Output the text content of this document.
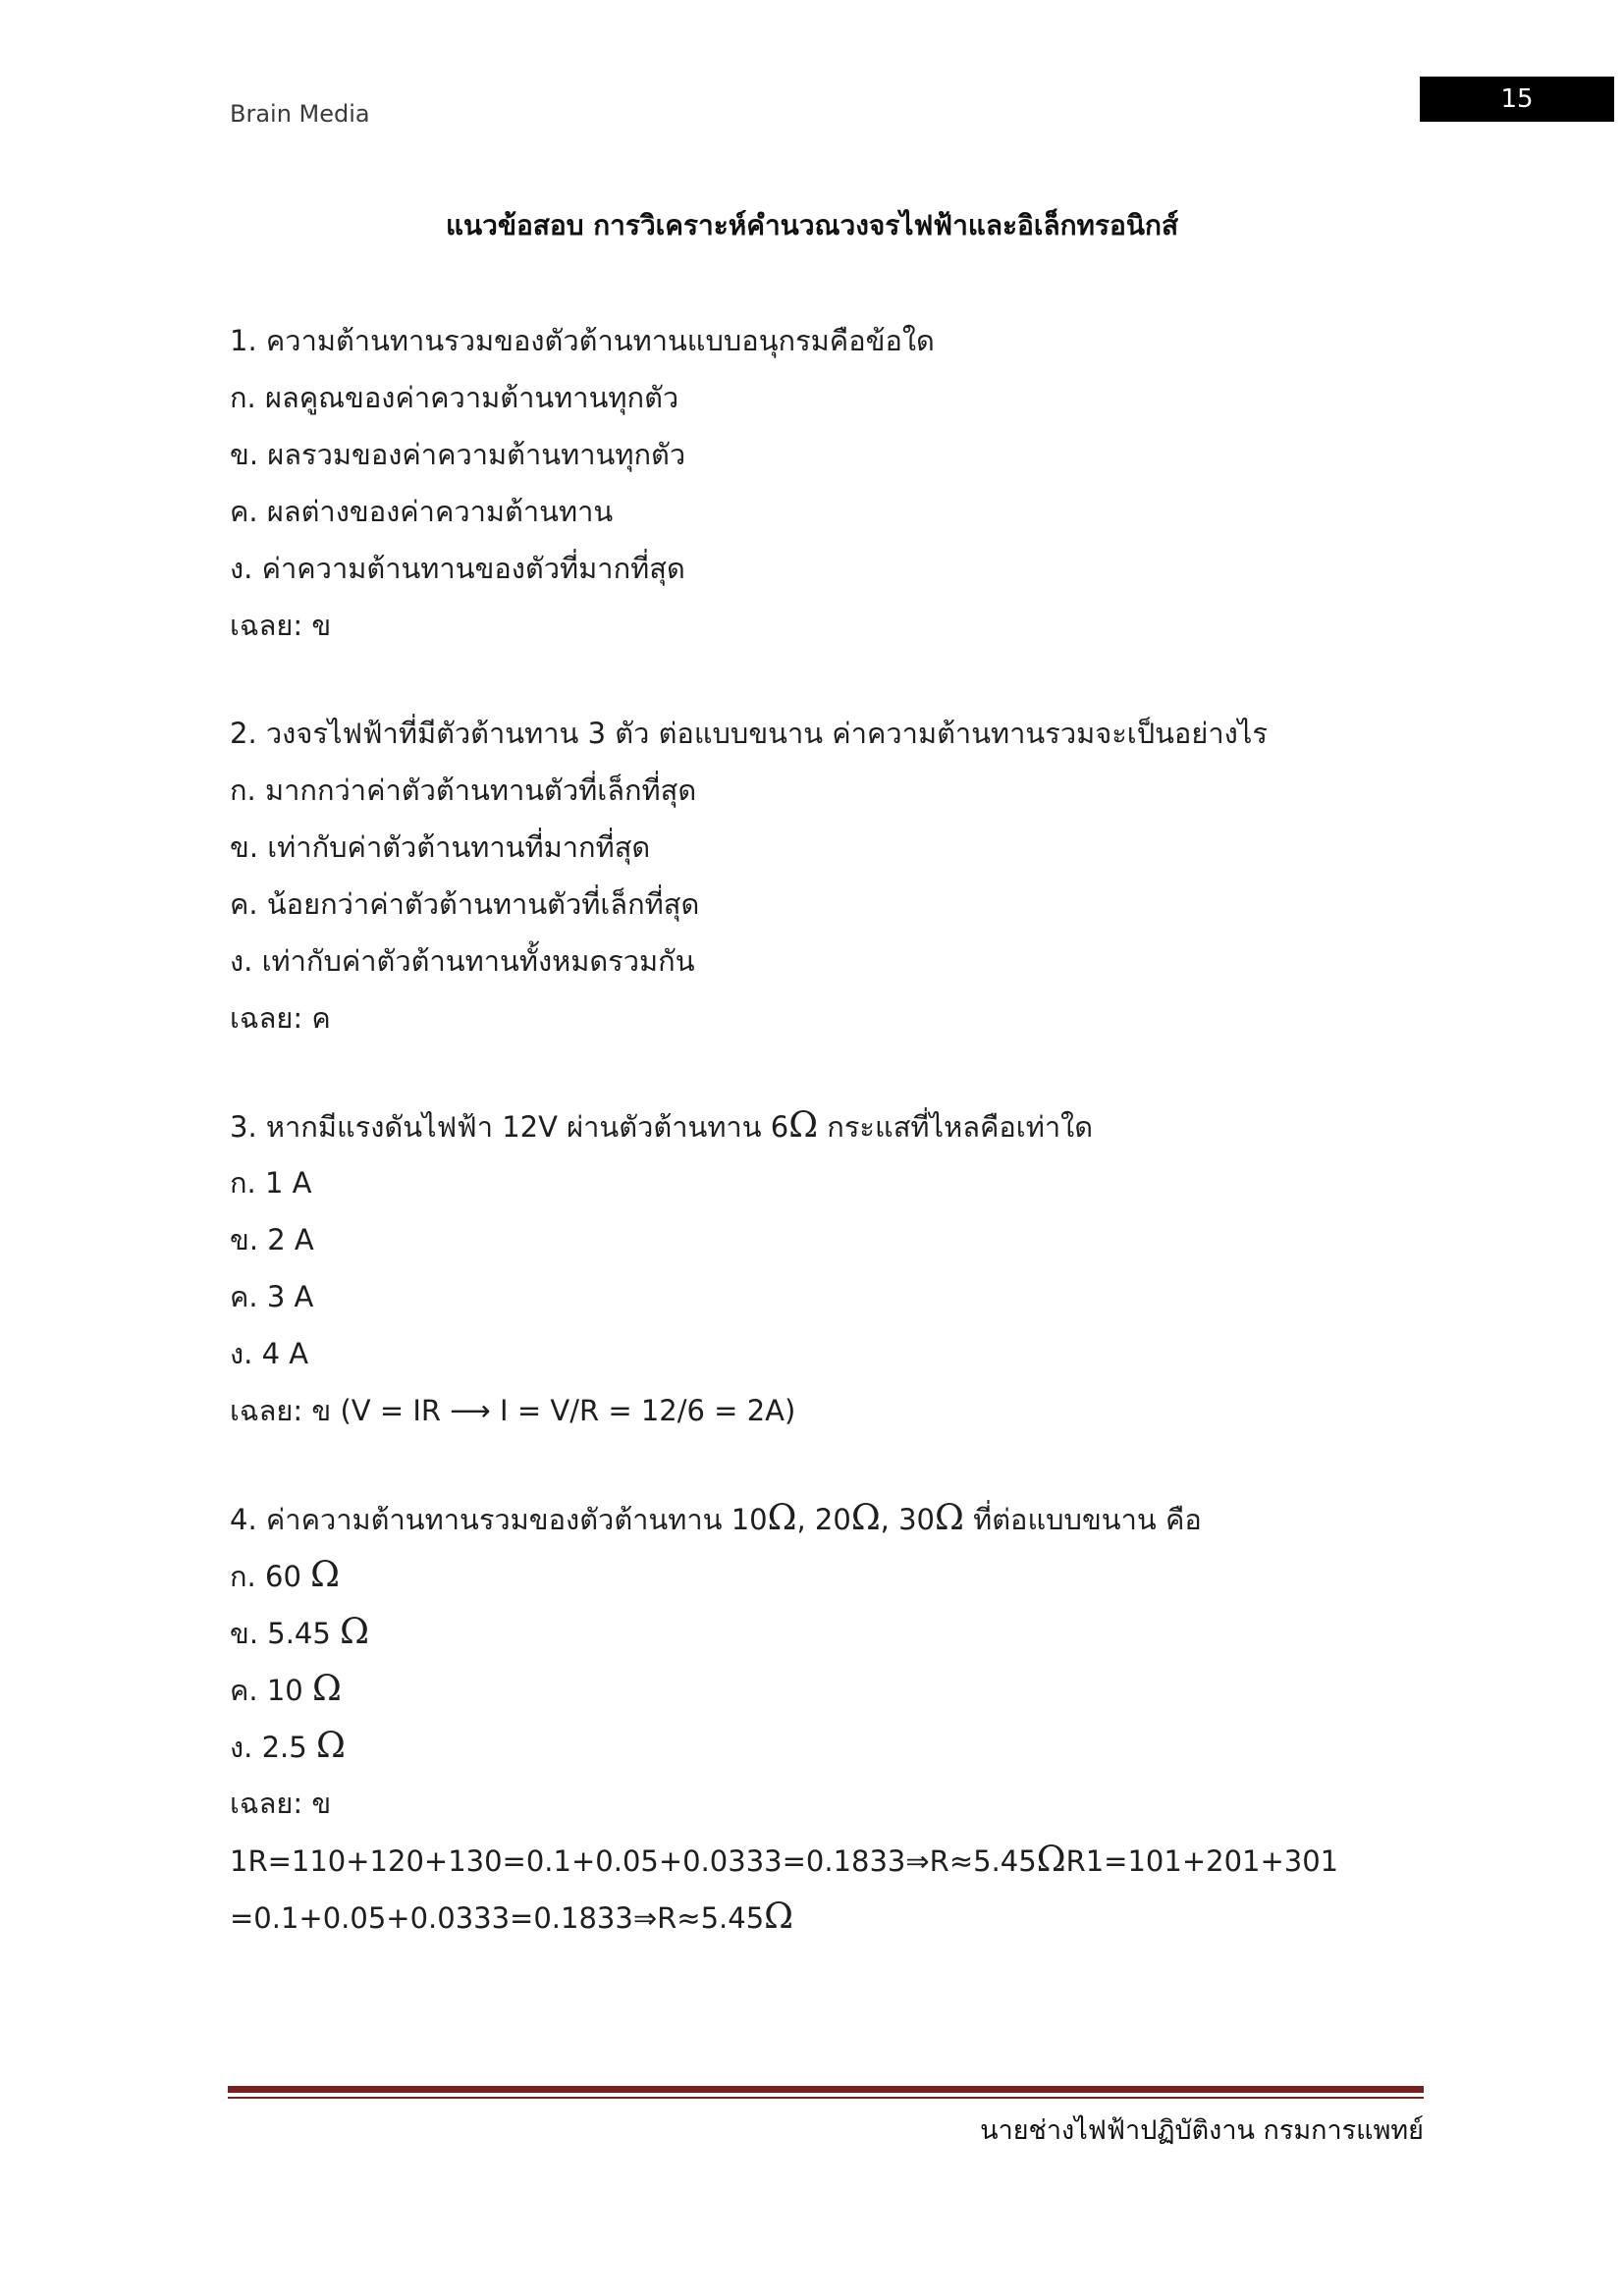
Brain Media	15
แนวข้อสอบ การวิเคราะห์คำนวณวงจรไฟฟ้าและอิเล็กทรอนิกส์
1. ความต้านทานรวมของตัวต้านทานแบบอนุกรมคือข้อใด
ก. ผลคูณของค่าความต้านทานทุกตัว
ข. ผลรวมของค่าความต้านทานทุกตัว
ค. ผลต่างของค่าความต้านทาน
ง. ค่าความต้านทานของตัวที่มากที่สุด
เฉลย: ข
2. วงจรไฟฟ้าที่มีตัวต้านทาน 3 ตัว ต่อแบบขนาน ค่าความต้านทานรวมจะเป็นอย่างไร
ก. มากกว่าค่าตัวต้านทานตัวที่เล็กที่สุด
ข. เท่ากับค่าตัวต้านทานที่มากที่สุด
ค. น้อยกว่าค่าตัวต้านทานตัวที่เล็กที่สุด
ง. เท่ากับค่าตัวต้านทานทั้งหมดรวมกัน
เฉลย: ค
3. หากมีแรงดันไฟฟ้า 12V ผ่านตัวต้านทาน 6Ω กระแสที่ไหลคือเท่าใด
ก. 1 A
ข. 2 A
ค. 3 A
ง. 4 A
เฉลย: ข (V = IR ⟶ I = V/R = 12/6 = 2A)
4. ค่าความต้านทานรวมของตัวต้านทาน 10Ω, 20Ω, 30Ω ที่ต่อแบบขนาน คือ
ก. 60 Ω
ข. 5.45 Ω
ค. 10 Ω
ง. 2.5 Ω
เฉลย: ข
1R=110+120+130=0.1+0.05+0.0333=0.1833⇒R≈5.45ΩR1=101+201+301
=0.1+0.05+0.0333=0.1833⇒R≈5.45Ω
นายช่างไฟฟ้าปฏิบัติงาน กรมการแพทย์
